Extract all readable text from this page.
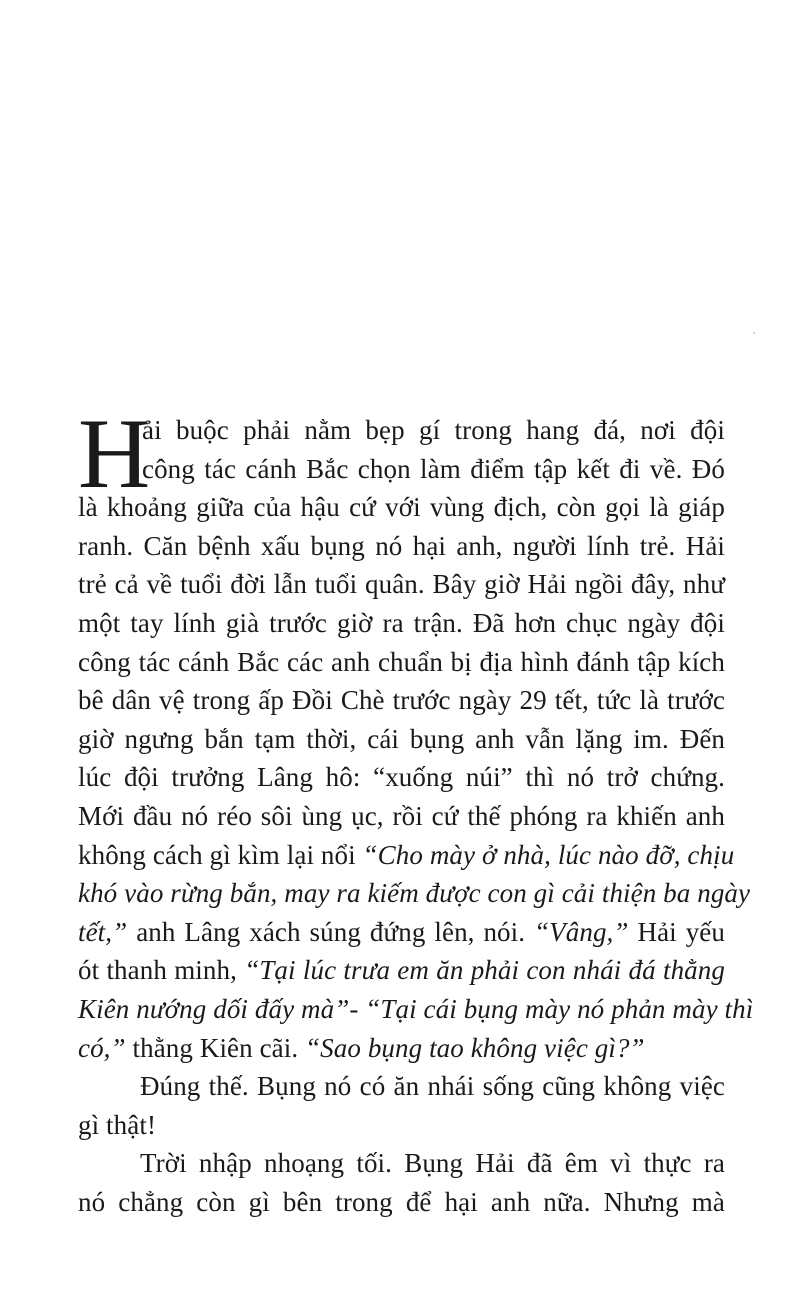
H
ải buộc phải nằm bẹp gí trong hang đá, nơi đội
công tác cánh Bắc chọn làm điểm tập kết đi về. Đó
là khoảng giữa của hậu cứ với vùng địch, còn gọi là giáp
ranh. Căn bệnh xấu bụng nó hại anh, người lính trẻ. Hải
trẻ cả về tuổi đời lẫn tuổi quân. Bây giờ Hải ngồi đây, như
một tay lính già trước giờ ra trận. Đã hơn chục ngày đội
công tác cánh Bắc các anh chuẩn bị địa hình đánh tập kích
bê dân vệ trong ấp Đồi Chè trước ngày 29 tết, tức là trước
giờ ngưng bắn tạm thời, cái bụng anh vẫn lặng im. Đến
lúc đội trưởng Lâng hô: “xuống núi” thì nó trở chứng.
Mới đầu nó réo sôi ùng ục, rồi cứ thế phóng ra khiến anh
không cách gì kìm lại nổi “Cho mày ở nhà, lúc nào đỡ, chịu
khó vào rừng bắn, may ra kiếm được con gì cải thiện ba ngày
tết,” anh Lâng xách súng đứng lên, nói. “Vâng,” Hải yếu
ót thanh minh, “Tại lúc trưa em ăn phải con nhái đá thằng
Kiên nướng dối đấy mà”- “Tại cái bụng mày nó phản mày thì
có,” thằng Kiên cãi. “Sao bụng tao không việc gì?”
Đúng thế. Bụng nó có ăn nhái sống cũng không việc
gì thật!
Trời nhập nhoạng tối. Bụng Hải đã êm vì thực ra
nó chẳng còn gì bên trong để hại anh nữa. Nhưng mà
